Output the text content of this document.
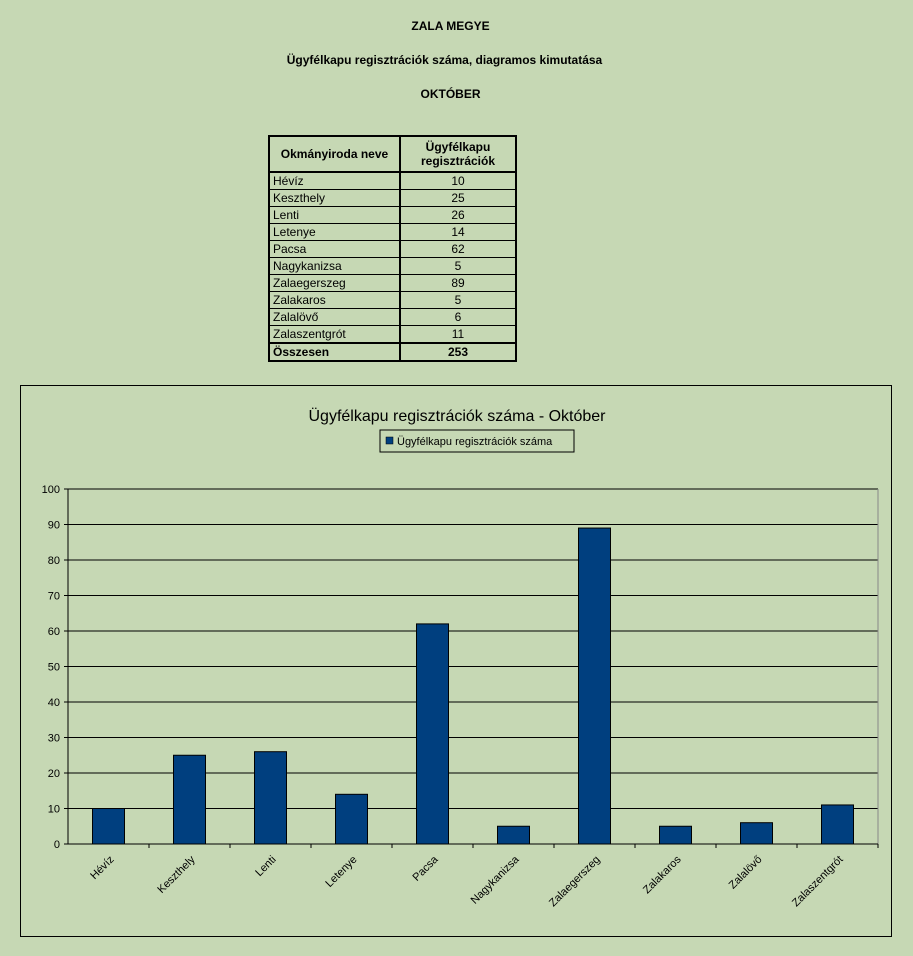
ZALA MEGYE
Ügyfélkapu regisztrációk száma, diagramos kimutatása
OKTÓBER
Okmányiroda neve	Ügyfélkapu
regisztrációk
Hévíz	10
Keszthely	25
Lenti	26
Letenye	14
Pacsa	62
Nagykanizsa	5
Zalaegerszeg	89
Zalakaros	5
Zalalövő	6
Zalaszentgrót	11
Összesen	253
Ügyfélkapu regisztrációk száma - Október
Ügyfélkapu regisztrációk száma
0
10
20
30
40
50
60
70
80
90
100
Hévíz	Keszthely	Lenti	Letenye	Pacsa	Nagykanizsa Zalaegerszeg	Zalakaros	Zalalövő Zalaszentgrót
